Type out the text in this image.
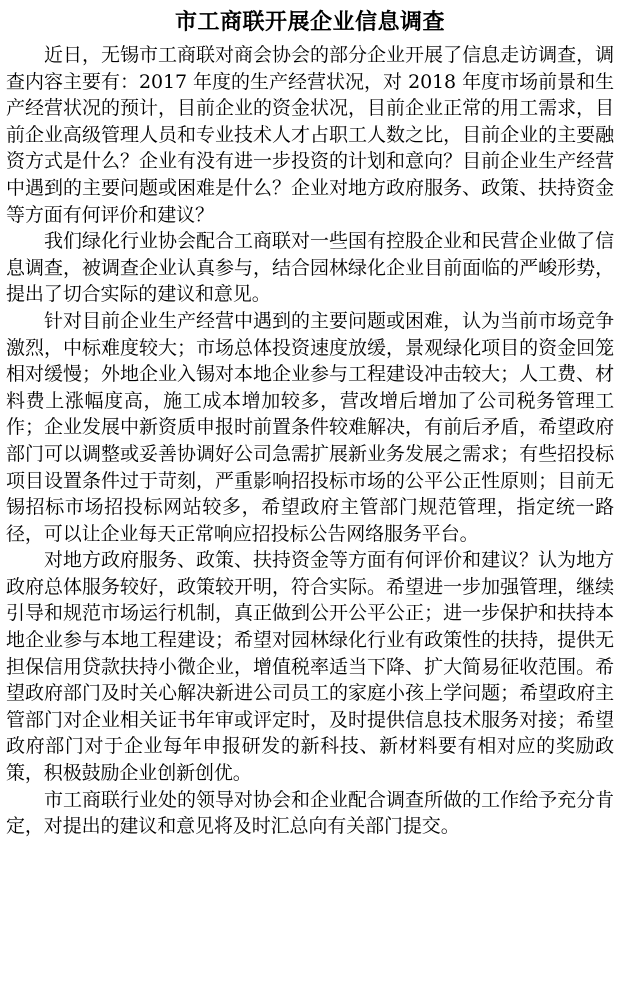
市工商联开展企业信息调查

近日，无锡市工商联对商会协会的部分企业开展了信息走访调查，调查内容主要有：2017 年度的生产经营状况，对 2018 年度市场前景和生产经营状况的预计，目前企业的资金状况，目前企业正常的用工需求，目前企业高级管理人员和专业技术人才占职工人数之比，目前企业的主要融资方式是什么？企业有没有进一步投资的计划和意向？目前企业生产经营中遇到的主要问题或困难是什么？企业对地方政府服务、政策、扶持资金等方面有何评价和建议？

我们绿化行业协会配合工商联对一些国有控股企业和民营企业做了信息调查，被调查企业认真参与，结合园林绿化企业目前面临的严峻形势，提出了切合实际的建议和意见。

针对目前企业生产经营中遇到的主要问题或困难，认为当前市场竞争激烈，中标难度较大；市场总体投资速度放缓，景观绿化项目的资金回笼相对缓慢；外地企业入锡对本地企业参与工程建设冲击较大；人工费、材料费上涨幅度高，施工成本增加较多，营改增后增加了公司税务管理工作；企业发展中新资质申报时前置条件较难解决，有前后矛盾，希望政府部门可以调整或妥善协调好公司急需扩展新业务发展之需求；有些招投标项目设置条件过于苛刻，严重影响招投标市场的公平公正性原则；目前无锡招标市场招投标网站较多，希望政府主管部门规范管理，指定统一路径，可以让企业每天正常响应招投标公告网络服务平台。

对地方政府服务、政策、扶持资金等方面有何评价和建议？认为地方政府总体服务较好，政策较开明，符合实际。希望进一步加强管理，继续引导和规范市场运行机制，真正做到公开公平公正；进一步保护和扶持本地企业参与本地工程建设；希望对园林绿化行业有政策性的扶持，提供无担保信用贷款扶持小微企业，增值税率适当下降、扩大简易征收范围。希望政府部门及时关心解决新进公司员工的家庭小孩上学问题；希望政府主管部门对企业相关证书年审或评定时，及时提供信息技术服务对接；希望政府部门对于企业每年申报研发的新科技、新材料要有相对应的奖励政策，积极鼓励企业创新创优。

市工商联行业处的领导对协会和企业配合调查所做的工作给予充分肯定，对提出的建议和意见将及时汇总向有关部门提交。
